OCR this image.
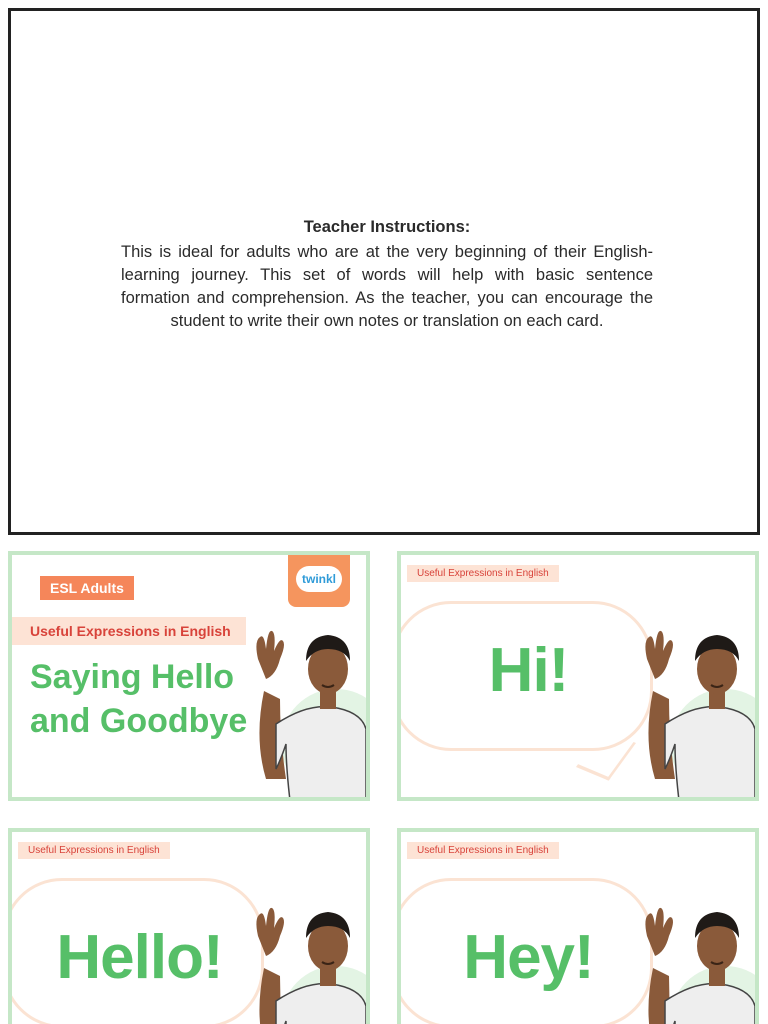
Teacher Instructions:
This is ideal for adults who are at the very beginning of their English-learning journey. This set of words will help with basic sentence formation and comprehension. As the teacher, you can encourage the student to write their own notes or translation on each card.
ESL Adults
twinkl
Useful Expressions in English
Saying Hello
and Goodbye
Useful Expressions in English
Hi!
Useful Expressions in English
Hello!
Useful Expressions in English
Hey!
